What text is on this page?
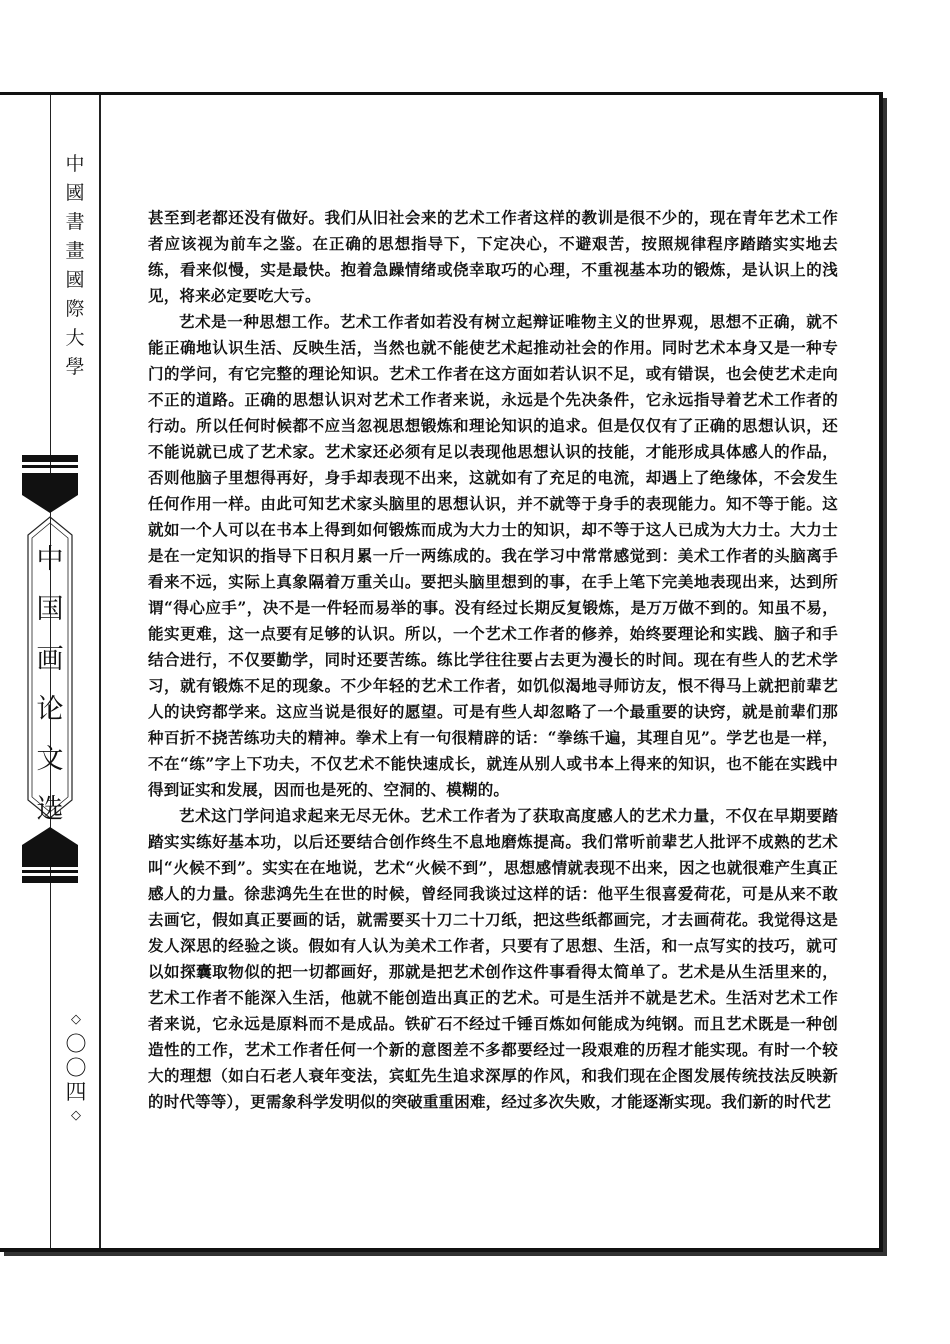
中
國
書
畫
國
際
大
學
中
国
画
论
文
选
◇
〇
〇
四
◇

甚至到老都还没有做好。我们从旧社会来的艺术工作者这样的教训是很不少的，现在青年艺术工作者应该视为前车之鉴。在正确的思想指导下，下定决心，不避艰苦，按照规律程序踏踏实实地去练，看来似慢，实是最快。抱着急躁情绪或侥幸取巧的心理，不重视基本功的锻炼，是认识上的浅见，将来必定要吃大亏。

艺术是一种思想工作。艺术工作者如若没有树立起辩证唯物主义的世界观，思想不正确，就不能正确地认识生活、反映生活，当然也就不能使艺术起推动社会的作用。同时艺术本身又是一种专门的学问，有它完整的理论知识。艺术工作者在这方面如若认识不足，或有错误，也会使艺术走向不正的道路。正确的思想认识对艺术工作者来说，永远是个先决条件，它永远指导着艺术工作者的行动。所以任何时候都不应当忽视思想锻炼和理论知识的追求。但是仅仅有了正确的思想认识，还不能说就已成了艺术家。艺术家还必须有足以表现他思想认识的技能，才能形成具体感人的作品，否则他脑子里想得再好，身手却表现不出来，这就如有了充足的电流，却遇上了绝缘体，不会发生任何作用一样。由此可知艺术家头脑里的思想认识，并不就等于身手的表现能力。知不等于能。这就如一个人可以在书本上得到如何锻炼而成为大力士的知识，却不等于这人已成为大力士。大力士是在一定知识的指导下日积月累一斤一两练成的。我在学习中常常感觉到：美术工作者的头脑离手看来不远，实际上真象隔着万重关山。要把头脑里想到的事，在手上笔下完美地表现出来，达到所谓“得心应手”，决不是一件轻而易举的事。没有经过长期反复锻炼，是万万做不到的。知虽不易，能实更难，这一点要有足够的认识。所以，一个艺术工作者的修养，始终要理论和实践、脑子和手结合进行，不仅要勤学，同时还要苦练。练比学往往要占去更为漫长的时间。现在有些人的艺术学习，就有锻炼不足的现象。不少年轻的艺术工作者，如饥似渴地寻师访友，恨不得马上就把前辈艺人的诀窍都学来。这应当说是很好的愿望。可是有些人却忽略了一个最重要的诀窍，就是前辈们那种百折不挠苦练功夫的精神。拳术上有一句很精辟的话：“拳练千遍，其理自见”。学艺也是一样，不在“练”字上下功夫，不仅艺术不能快速成长，就连从别人或书本上得来的知识，也不能在实践中得到证实和发展，因而也是死的、空洞的、模糊的。

艺术这门学问追求起来无尽无休。艺术工作者为了获取高度感人的艺术力量，不仅在早期要踏踏实实练好基本功，以后还要结合创作终生不息地磨炼提高。我们常听前辈艺人批评不成熟的艺术叫“火候不到”。实实在在地说，艺术“火候不到”，思想感情就表现不出来，因之也就很难产生真正感人的力量。徐悲鸿先生在世的时候，曾经同我谈过这样的话：他平生很喜爱荷花，可是从来不敢去画它，假如真正要画的话，就需要买十刀二十刀纸，把这些纸都画完，才去画荷花。我觉得这是发人深思的经验之谈。假如有人认为美术工作者，只要有了思想、生活，和一点写实的技巧，就可以如探囊取物似的把一切都画好，那就是把艺术创作这件事看得太简单了。艺术是从生活里来的，艺术工作者不能深入生活，他就不能创造出真正的艺术。可是生活并不就是艺术。生活对艺术工作者来说，它永远是原料而不是成品。铁矿石不经过千锤百炼如何能成为纯钢。而且艺术既是一种创造性的工作，艺术工作者任何一个新的意图差不多都要经过一段艰难的历程才能实现。有时一个较大的理想（如白石老人衰年变法，宾虹先生追求深厚的作风，和我们现在企图发展传统技法反映新的时代等等），更需象科学发明似的突破重重困难，经过多次失败，才能逐渐实现。我们新的时代艺
